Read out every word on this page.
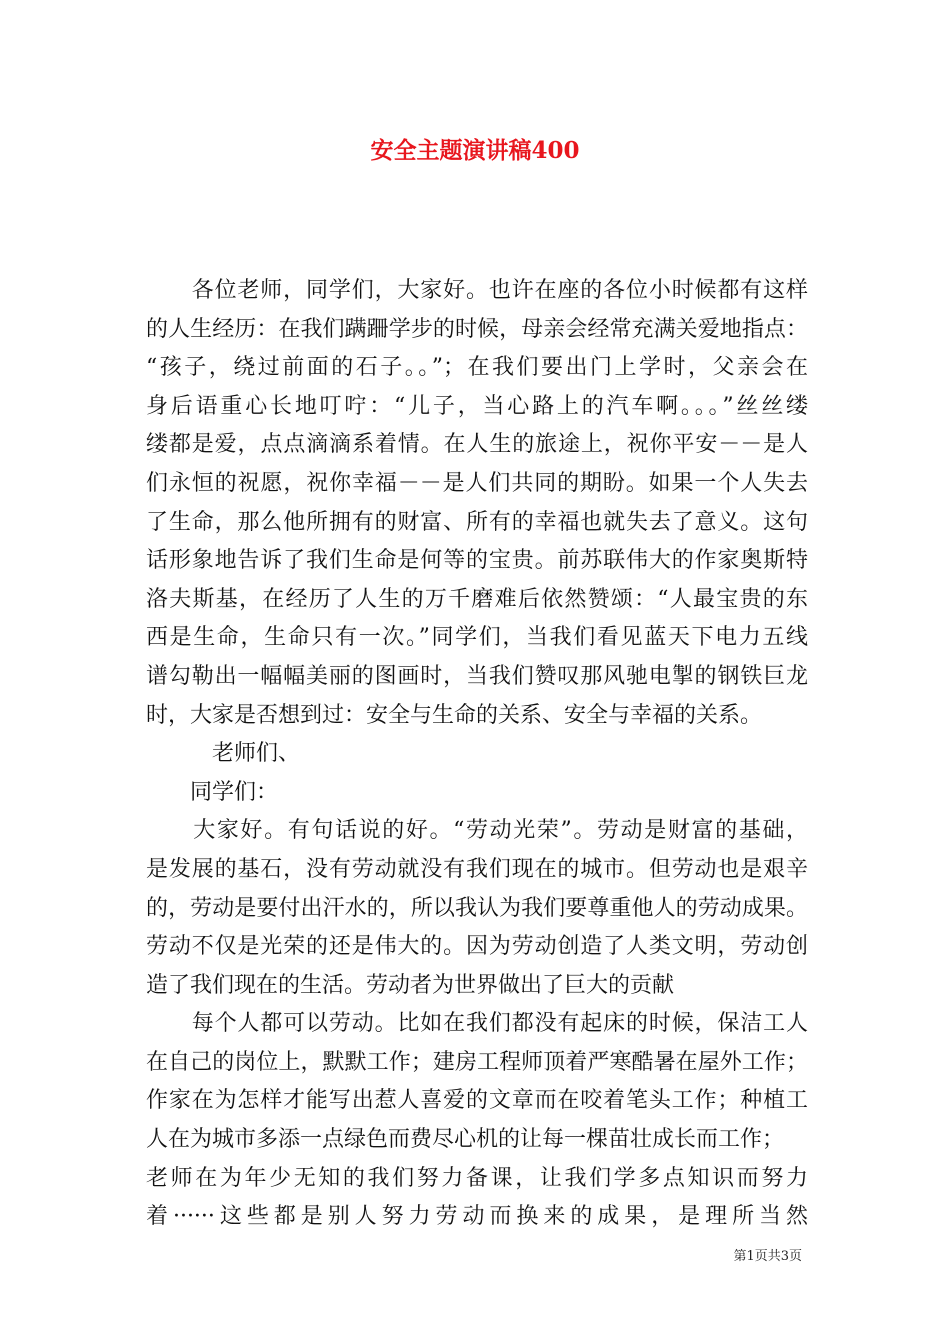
安全主题演讲稿400
　　各位老师，同学们，大家好。也许在座的各位小时候都有这样
的人生经历：在我们蹒跚学步的时候，母亲会经常充满关爱地指点：
“孩子，绕过前面的石子。。”；在我们要出门上学时，父亲会在
身后语重心长地叮咛：“儿子，当心路上的汽车啊。。。”丝丝缕
缕都是爱，点点滴滴系着情。在人生的旅途上，祝你平安－－是人
们永恒的祝愿，祝你幸福－－是人们共同的期盼。如果一个人失去
了生命，那么他所拥有的财富、所有的幸福也就失去了意义。这句
话形象地告诉了我们生命是何等的宝贵。前苏联伟大的作家奥斯特
洛夫斯基，在经历了人生的万千磨难后依然赞颂：“人最宝贵的东
西是生命，生命只有一次。”同学们，当我们看见蓝天下电力五线
谱勾勒出一幅幅美丽的图画时，当我们赞叹那风驰电掣的钢铁巨龙
时，大家是否想到过：安全与生命的关系、安全与幸福的关系。
　　　老师们、
　　同学们：
　　大家好。有句话说的好。“劳动光荣”。劳动是财富的基础，
是发展的基石，没有劳动就没有我们现在的城市。但劳动也是艰辛
的，劳动是要付出汗水的，所以我认为我们要尊重他人的劳动成果。
劳动不仅是光荣的还是伟大的。因为劳动创造了人类文明，劳动创
造了我们现在的生活。劳动者为世界做出了巨大的贡献
　　每个人都可以劳动。比如在我们都没有起床的时候，保洁工人
在自己的岗位上，默默工作；建房工程师顶着严寒酷暑在屋外工作；
作家在为怎样才能写出惹人喜爱的文章而在咬着笔头工作；种植工
人在为城市多添一点绿色而费尽心机的让每一棵苗壮成长而工作；
老师在为年少无知的我们努力备课，让我们学多点知识而努力
着······这些都是别人努力劳动而换来的成果，是理所当然
第1页共3页
